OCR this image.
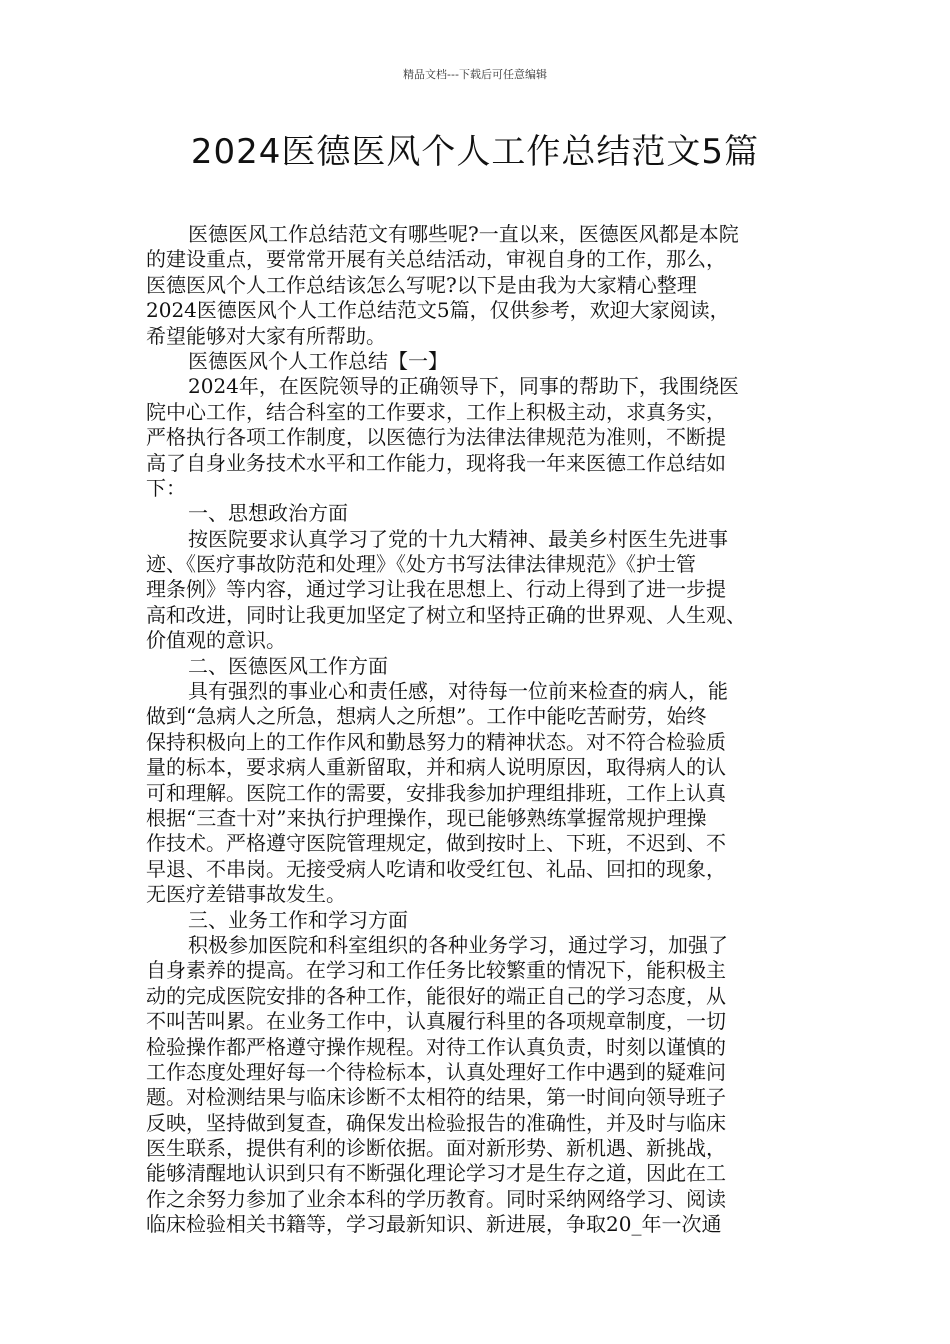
精品文档---下载后可任意编辑
2024医德医风个人工作总结范文5篇
医德医风工作总结范文有哪些呢?一直以来，医德医风都是本院
的建设重点，要常常开展有关总结活动，审视自身的工作，那么，
医德医风个人工作总结该怎么写呢?以下是由我为大家精心整理
2024医德医风个人工作总结范文5篇，仅供参考，欢迎大家阅读，
希望能够对大家有所帮助。
医德医风个人工作总结【一】
2024年，在医院领导的正确领导下，同事的帮助下，我围绕医
院中心工作，结合科室的工作要求，工作上积极主动，求真务实，
严格执行各项工作制度，以医德行为法律法律规范为准则，不断提
高了自身业务技术水平和工作能力，现将我一年来医德工作总结如
下：
一、思想政治方面
按医院要求认真学习了党的十九大精神、最美乡村医生先进事
迹、《医疗事故防范和处理》《处方书写法律法律规范》《护士管
理条例》等内容，通过学习让我在思想上、行动上得到了进一步提
高和改进，同时让我更加坚定了树立和坚持正确的世界观、人生观、
价值观的意识。
二、医德医风工作方面
具有强烈的事业心和责任感，对待每一位前来检查的病人，能
做到“急病人之所急，想病人之所想”。工作中能吃苦耐劳，始终
保持积极向上的工作作风和勤恳努力的精神状态。对不符合检验质
量的标本，要求病人重新留取，并和病人说明原因，取得病人的认
可和理解。医院工作的需要，安排我参加护理组排班，工作上认真
根据“三查十对”来执行护理操作，现已能够熟练掌握常规护理操
作技术。严格遵守医院管理规定，做到按时上、下班，不迟到、不
早退、不串岗。无接受病人吃请和收受红包、礼品、回扣的现象，
无医疗差错事故发生。
三、业务工作和学习方面
积极参加医院和科室组织的各种业务学习，通过学习，加强了
自身素养的提高。在学习和工作任务比较繁重的情况下，能积极主
动的完成医院安排的各种工作，能很好的端正自己的学习态度，从
不叫苦叫累。在业务工作中，认真履行科里的各项规章制度，一切
检验操作都严格遵守操作规程。对待工作认真负责，时刻以谨慎的
工作态度处理好每一个待检标本，认真处理好工作中遇到的疑难问
题。对检测结果与临床诊断不太相符的结果，第一时间向领导班子
反映，坚持做到复查，确保发出检验报告的准确性，并及时与临床
医生联系，提供有利的诊断依据。面对新形势、新机遇、新挑战，
能够清醒地认识到只有不断强化理论学习才是生存之道，因此在工
作之余努力参加了业余本科的学历教育。同时采纳网络学习、阅读
临床检验相关书籍等，学习最新知识、新进展，争取20_年一次通
